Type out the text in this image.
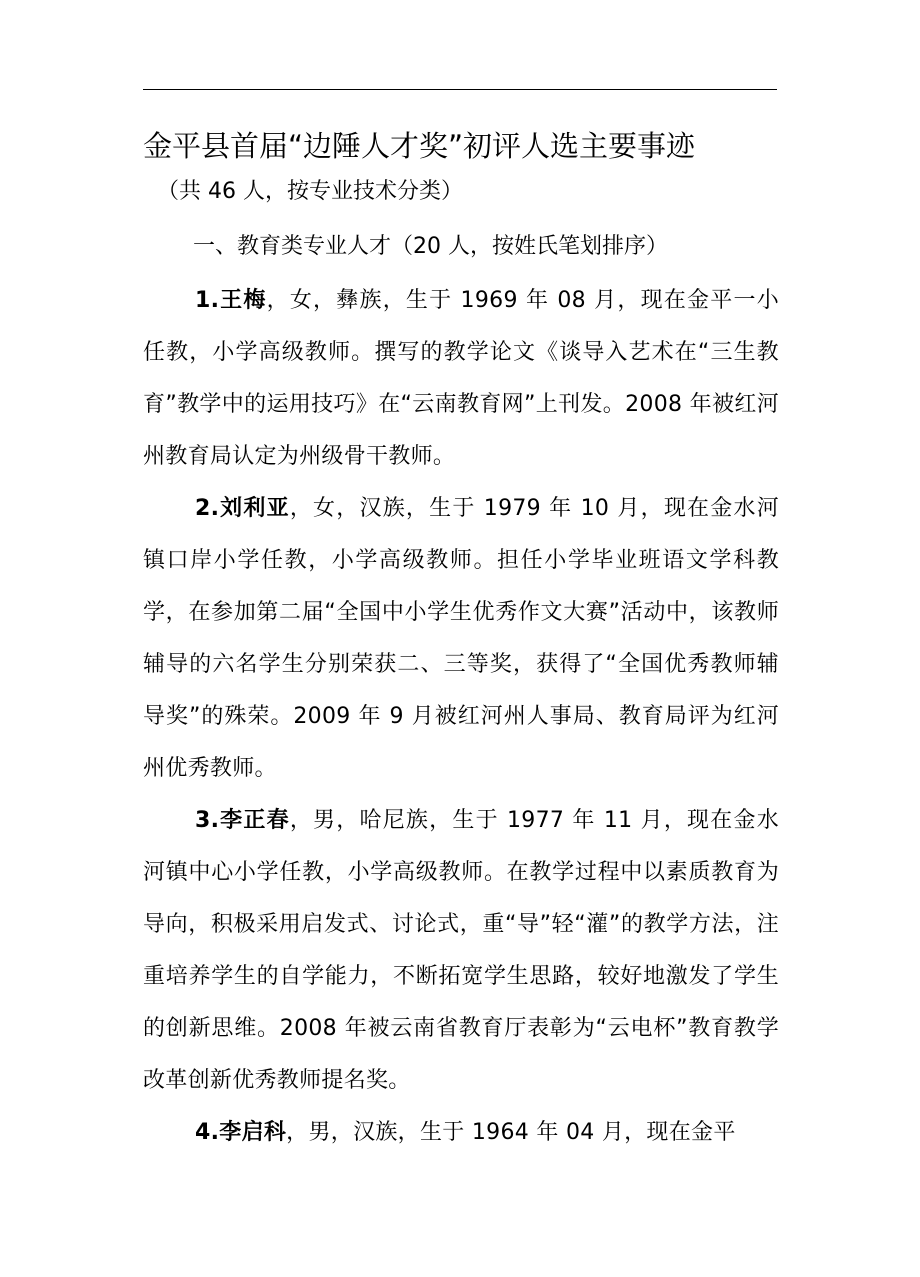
金平县首届“边陲人才奖”初评人选主要事迹

（共 46 人，按专业技术分类）

一、教育类专业人才（20 人，按姓氏笔划排序）

1.王梅，女，彝族，生于 1969 年 08 月，现在金平一小任教，小学高级教师。撰写的教学论文《谈导入艺术在“三生教育”教学中的运用技巧》在“云南教育网”上刊发。2008 年被红河州教育局认定为州级骨干教师。

2.刘利亚，女，汉族，生于 1979 年 10 月，现在金水河镇口岸小学任教，小学高级教师。担任小学毕业班语文学科教学，在参加第二届“全国中小学生优秀作文大赛”活动中，该教师辅导的六名学生分别荣获二、三等奖，获得了“全国优秀教师辅导奖”的殊荣。2009 年 9 月被红河州人事局、教育局评为红河州优秀教师。

3.李正春，男，哈尼族，生于 1977 年 11 月，现在金水河镇中心小学任教，小学高级教师。在教学过程中以素质教育为导向，积极采用启发式、讨论式，重“导”轻“灌”的教学方法，注重培养学生的自学能力，不断拓宽学生思路，较好地激发了学生的创新思维。2008 年被云南省教育厅表彰为“云电杯”教育教学改革创新优秀教师提名奖。

4.李启科，男，汉族，生于 1964 年 04 月，现在金平
